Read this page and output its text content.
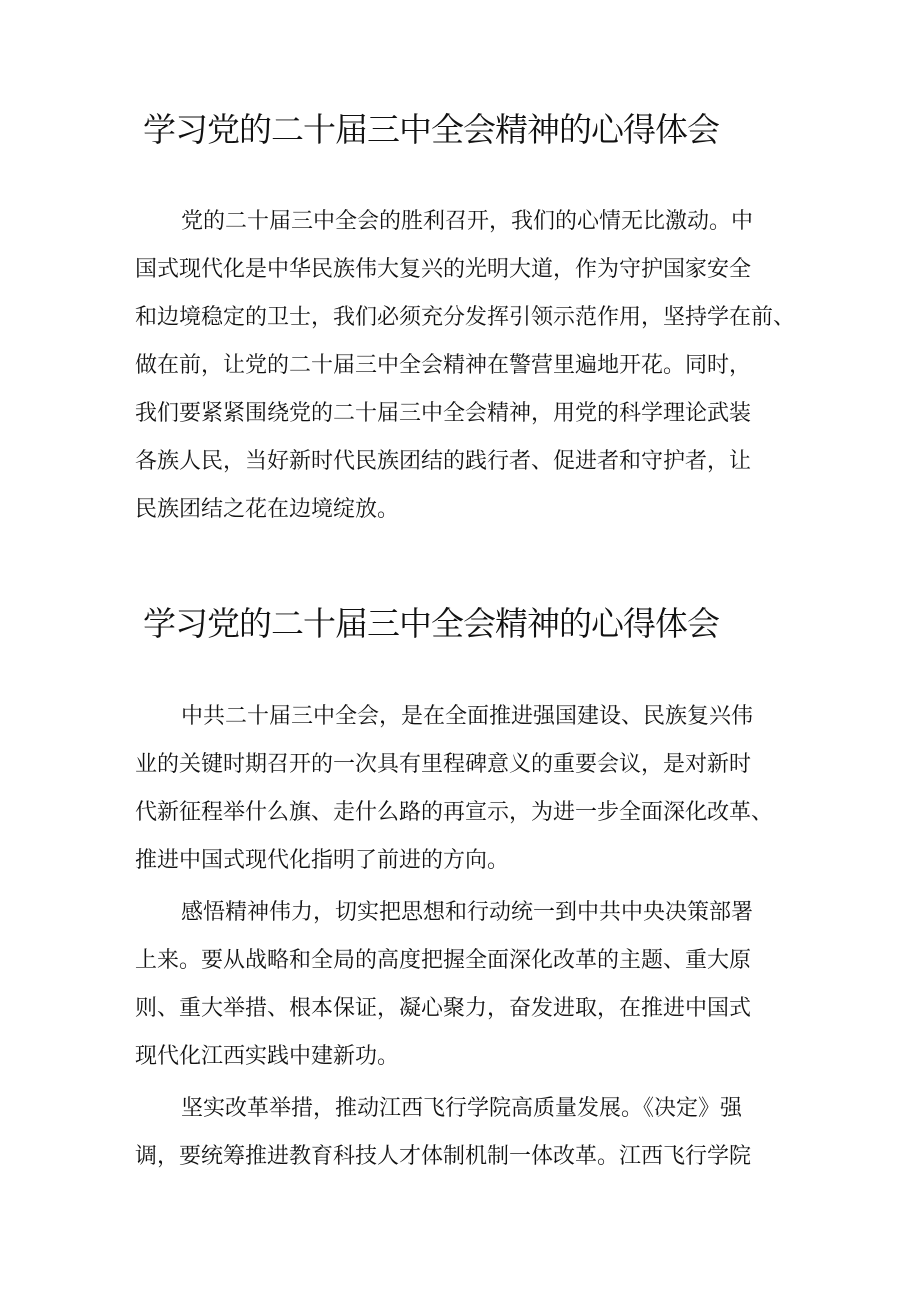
学习党的二十届三中全会精神的心得体会
党的二十届三中全会的胜利召开，我们的心情无比激动。中
国式现代化是中华民族伟大复兴的光明大道，作为守护国家安全
和边境稳定的卫士，我们必须充分发挥引领示范作用，坚持学在前、
做在前，让党的二十届三中全会精神在警营里遍地开花。同时，
我们要紧紧围绕党的二十届三中全会精神，用党的科学理论武装
各族人民，当好新时代民族团结的践行者、促进者和守护者，让
民族团结之花在边境绽放。
学习党的二十届三中全会精神的心得体会
中共二十届三中全会，是在全面推进强国建设、民族复兴伟
业的关键时期召开的一次具有里程碑意义的重要会议，是对新时
代新征程举什么旗、走什么路的再宣示，为进一步全面深化改革、
推进中国式现代化指明了前进的方向。
感悟精神伟力，切实把思想和行动统一到中共中央决策部署
上来。要从战略和全局的高度把握全面深化改革的主题、重大原
则、重大举措、根本保证，凝心聚力，奋发进取，在推进中国式
现代化江西实践中建新功。
坚实改革举措，推动江西飞行学院高质量发展。《决定》强
调，要统筹推进教育科技人才体制机制一体改革。江西飞行学院
